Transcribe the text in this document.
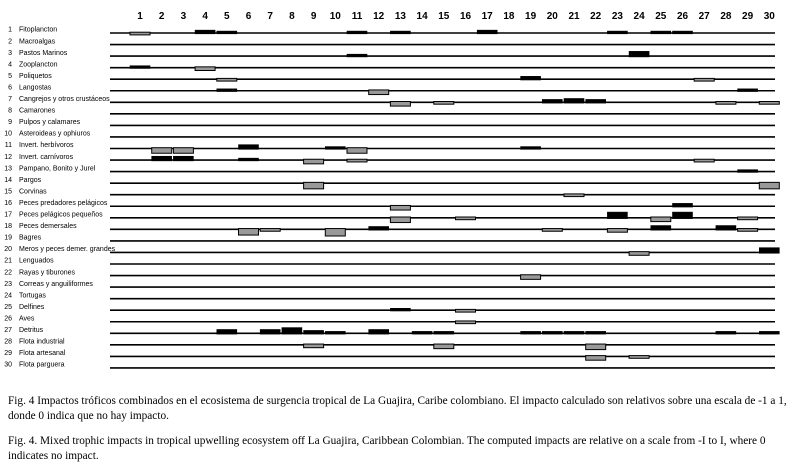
1 2 3 4 5 6 7 8 9 10 11 12 13 14 15 16 17 18 19 20 21 22 23 24 25 26 27 28 29 30
1 Fitoplancton
2 Macroalgas
3 Pastos Marinos
4 Zooplancton
5 Poliquetos
6 Langostas
7 Cangrejos y otros crustáceos
8 Camarones
9 Pulpos y calamares
10 Asteroideas y ophiuros
11 Invert. herbívoros
12 Invert. carnívoros
13 Pampano, Bonito y Jurel
14 Pargos
15 Corvinas
16 Peces predadores pelágicos
17 Peces pelágicos pequeños
18 Peces demersales
19 Bagres
20 Meros y peces demer. grandes
21 Lenguados
22 Rayas y tiburones
23 Correas y anguiliformes
24 Tortugas
25 Delfines
26 Aves
27 Detritus
28 Flota industrial
29 Flota artesanal
30 Flota parguera

Fig. 4 Impactos tróficos combinados en el ecosistema de surgencia tropical de La Guajira, Caribe colombiano. El impacto calculado son relativos sobre una escala de -1 a 1, donde 0 indica que no hay impacto.

Fig. 4. Mixed trophic impacts in tropical upwelling ecosystem off La Guajira, Caribbean Colombian. The computed impacts are relative on a scale from -I to I, where 0 indicates no impact.
